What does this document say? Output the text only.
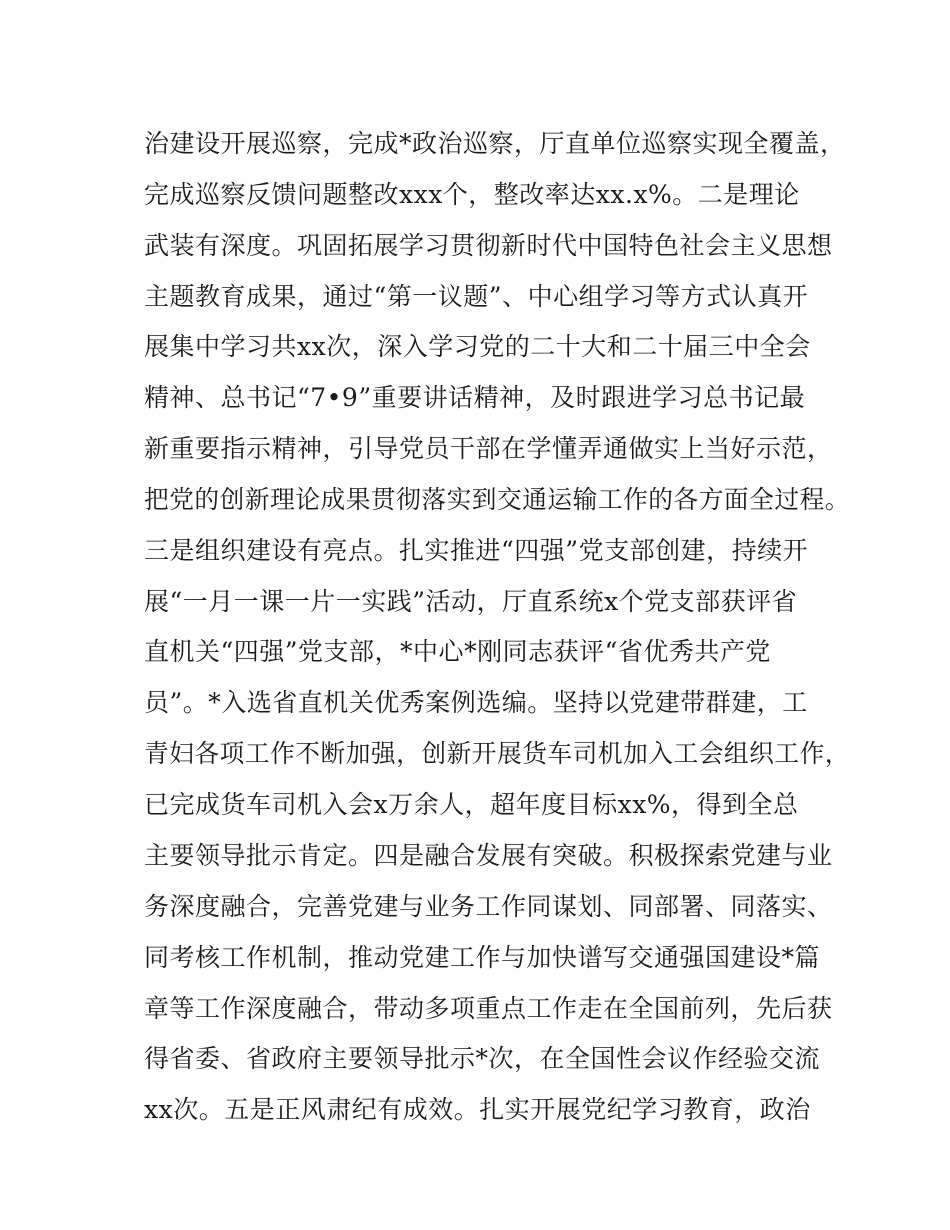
治建设开展巡察，完成*政治巡察，厅直单位巡察实现全覆盖，
完成巡察反馈问题整改xxx个，整改率达xx.x%。二是理论
武装有深度。巩固拓展学习贯彻新时代中国特色社会主义思想
主题教育成果，通过“第一议题”、中心组学习等方式认真开
展集中学习共xx次，深入学习党的二十大和二十届三中全会
精神、总书记“7•9”重要讲话精神，及时跟进学习总书记最
新重要指示精神，引导党员干部在学懂弄通做实上当好示范，
把党的创新理论成果贯彻落实到交通运输工作的各方面全过程。
三是组织建设有亮点。扎实推进“四强”党支部创建，持续开
展“一月一课一片一实践”活动，厅直系统x个党支部获评省
直机关“四强”党支部，*中心*刚同志获评“省优秀共产党
员”。*入选省直机关优秀案例选编。坚持以党建带群建，工
青妇各项工作不断加强，创新开展货车司机加入工会组织工作，
已完成货车司机入会x万余人，超年度目标xx%，得到全总
主要领导批示肯定。四是融合发展有突破。积极探索党建与业
务深度融合，完善党建与业务工作同谋划、同部署、同落实、
同考核工作机制，推动党建工作与加快谱写交通强国建设*篇
章等工作深度融合，带动多项重点工作走在全国前列，先后获
得省委、省政府主要领导批示*次，在全国性会议作经验交流
xx次。五是正风肃纪有成效。扎实开展党纪学习教育，政治
